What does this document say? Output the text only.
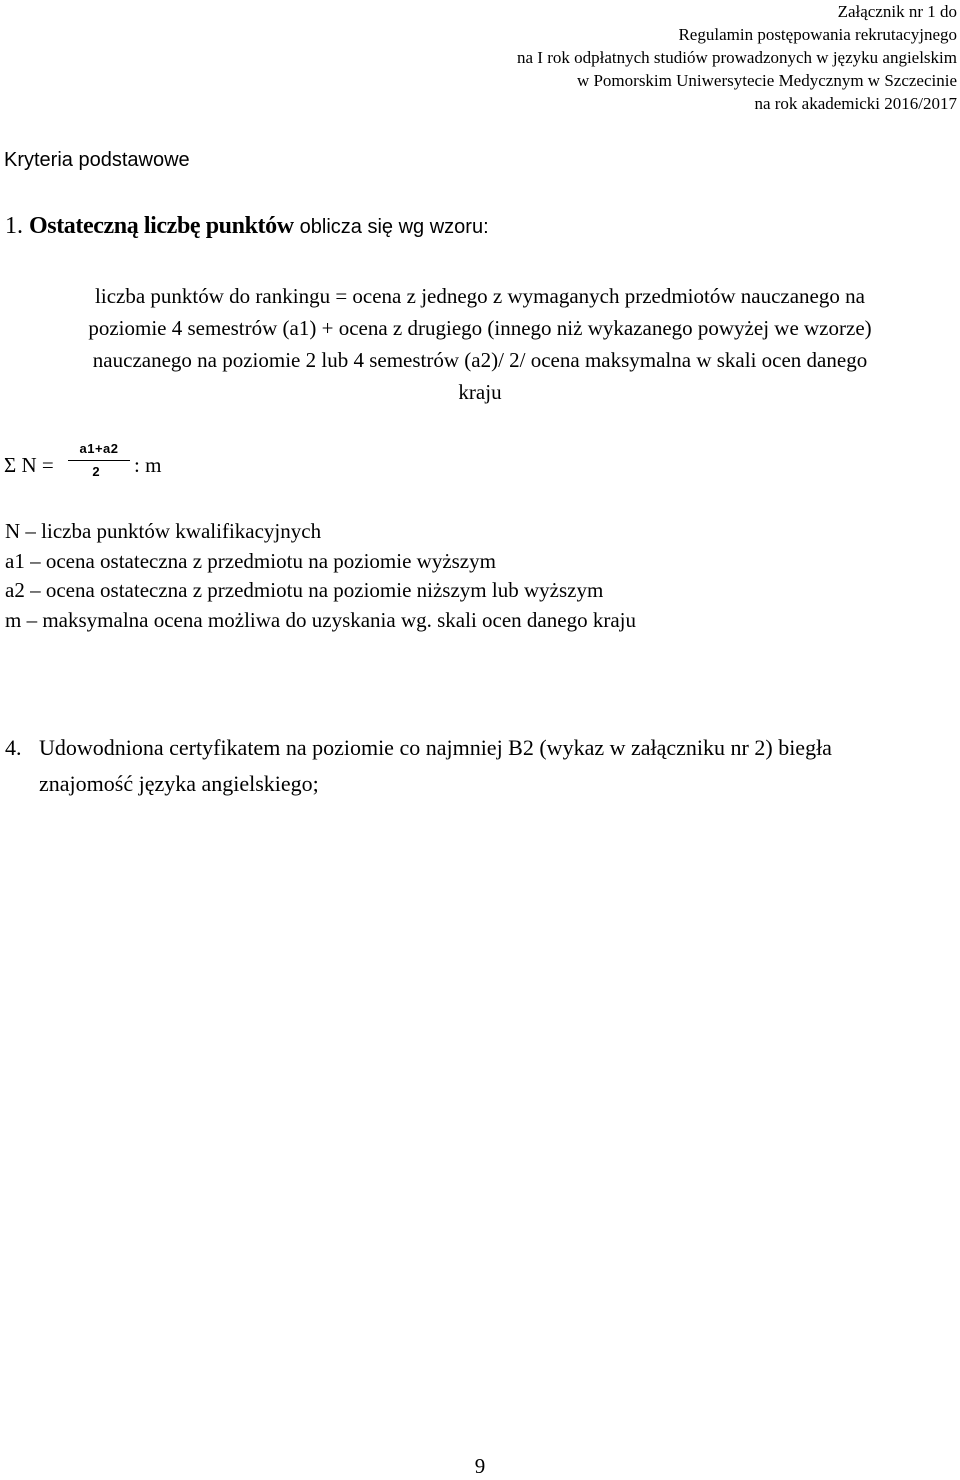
Załącznik nr 1 do
Regulamin postępowania rekrutacyjnego
na I rok odpłatnych studiów prowadzonych w języku angielskim
w Pomorskim Uniwersytecie Medycznym w Szczecinie
na rok akademicki 2016/2017
Kryteria podstawowe
1. Ostateczną liczbę punktów oblicza się wg wzoru:
liczba punktów do rankingu = ocena z jednego z wymaganych przedmiotów nauczanego na
poziomie 4 semestrów (a1) + ocena z drugiego (innego niż wykazanego powyżej we wzorze)
nauczanego na poziomie 2 lub 4 semestrów (a2)/ 2/ ocena maksymalna w skali ocen danego
kraju
Σ N =
a1+a2
2	: m
N – liczba punktów kwalifikacyjnych
a1 – ocena ostateczna z przedmiotu na poziomie wyższym
a2 – ocena ostateczna z przedmiotu na poziomie niższym lub wyższym
m – maksymalna ocena możliwa do uzyskania wg. skali ocen danego kraju
4. Udowodniona certyfikatem na poziomie co najmniej B2 (wykaz w załączniku nr 2) biegła
znajomość języka angielskiego;
9
